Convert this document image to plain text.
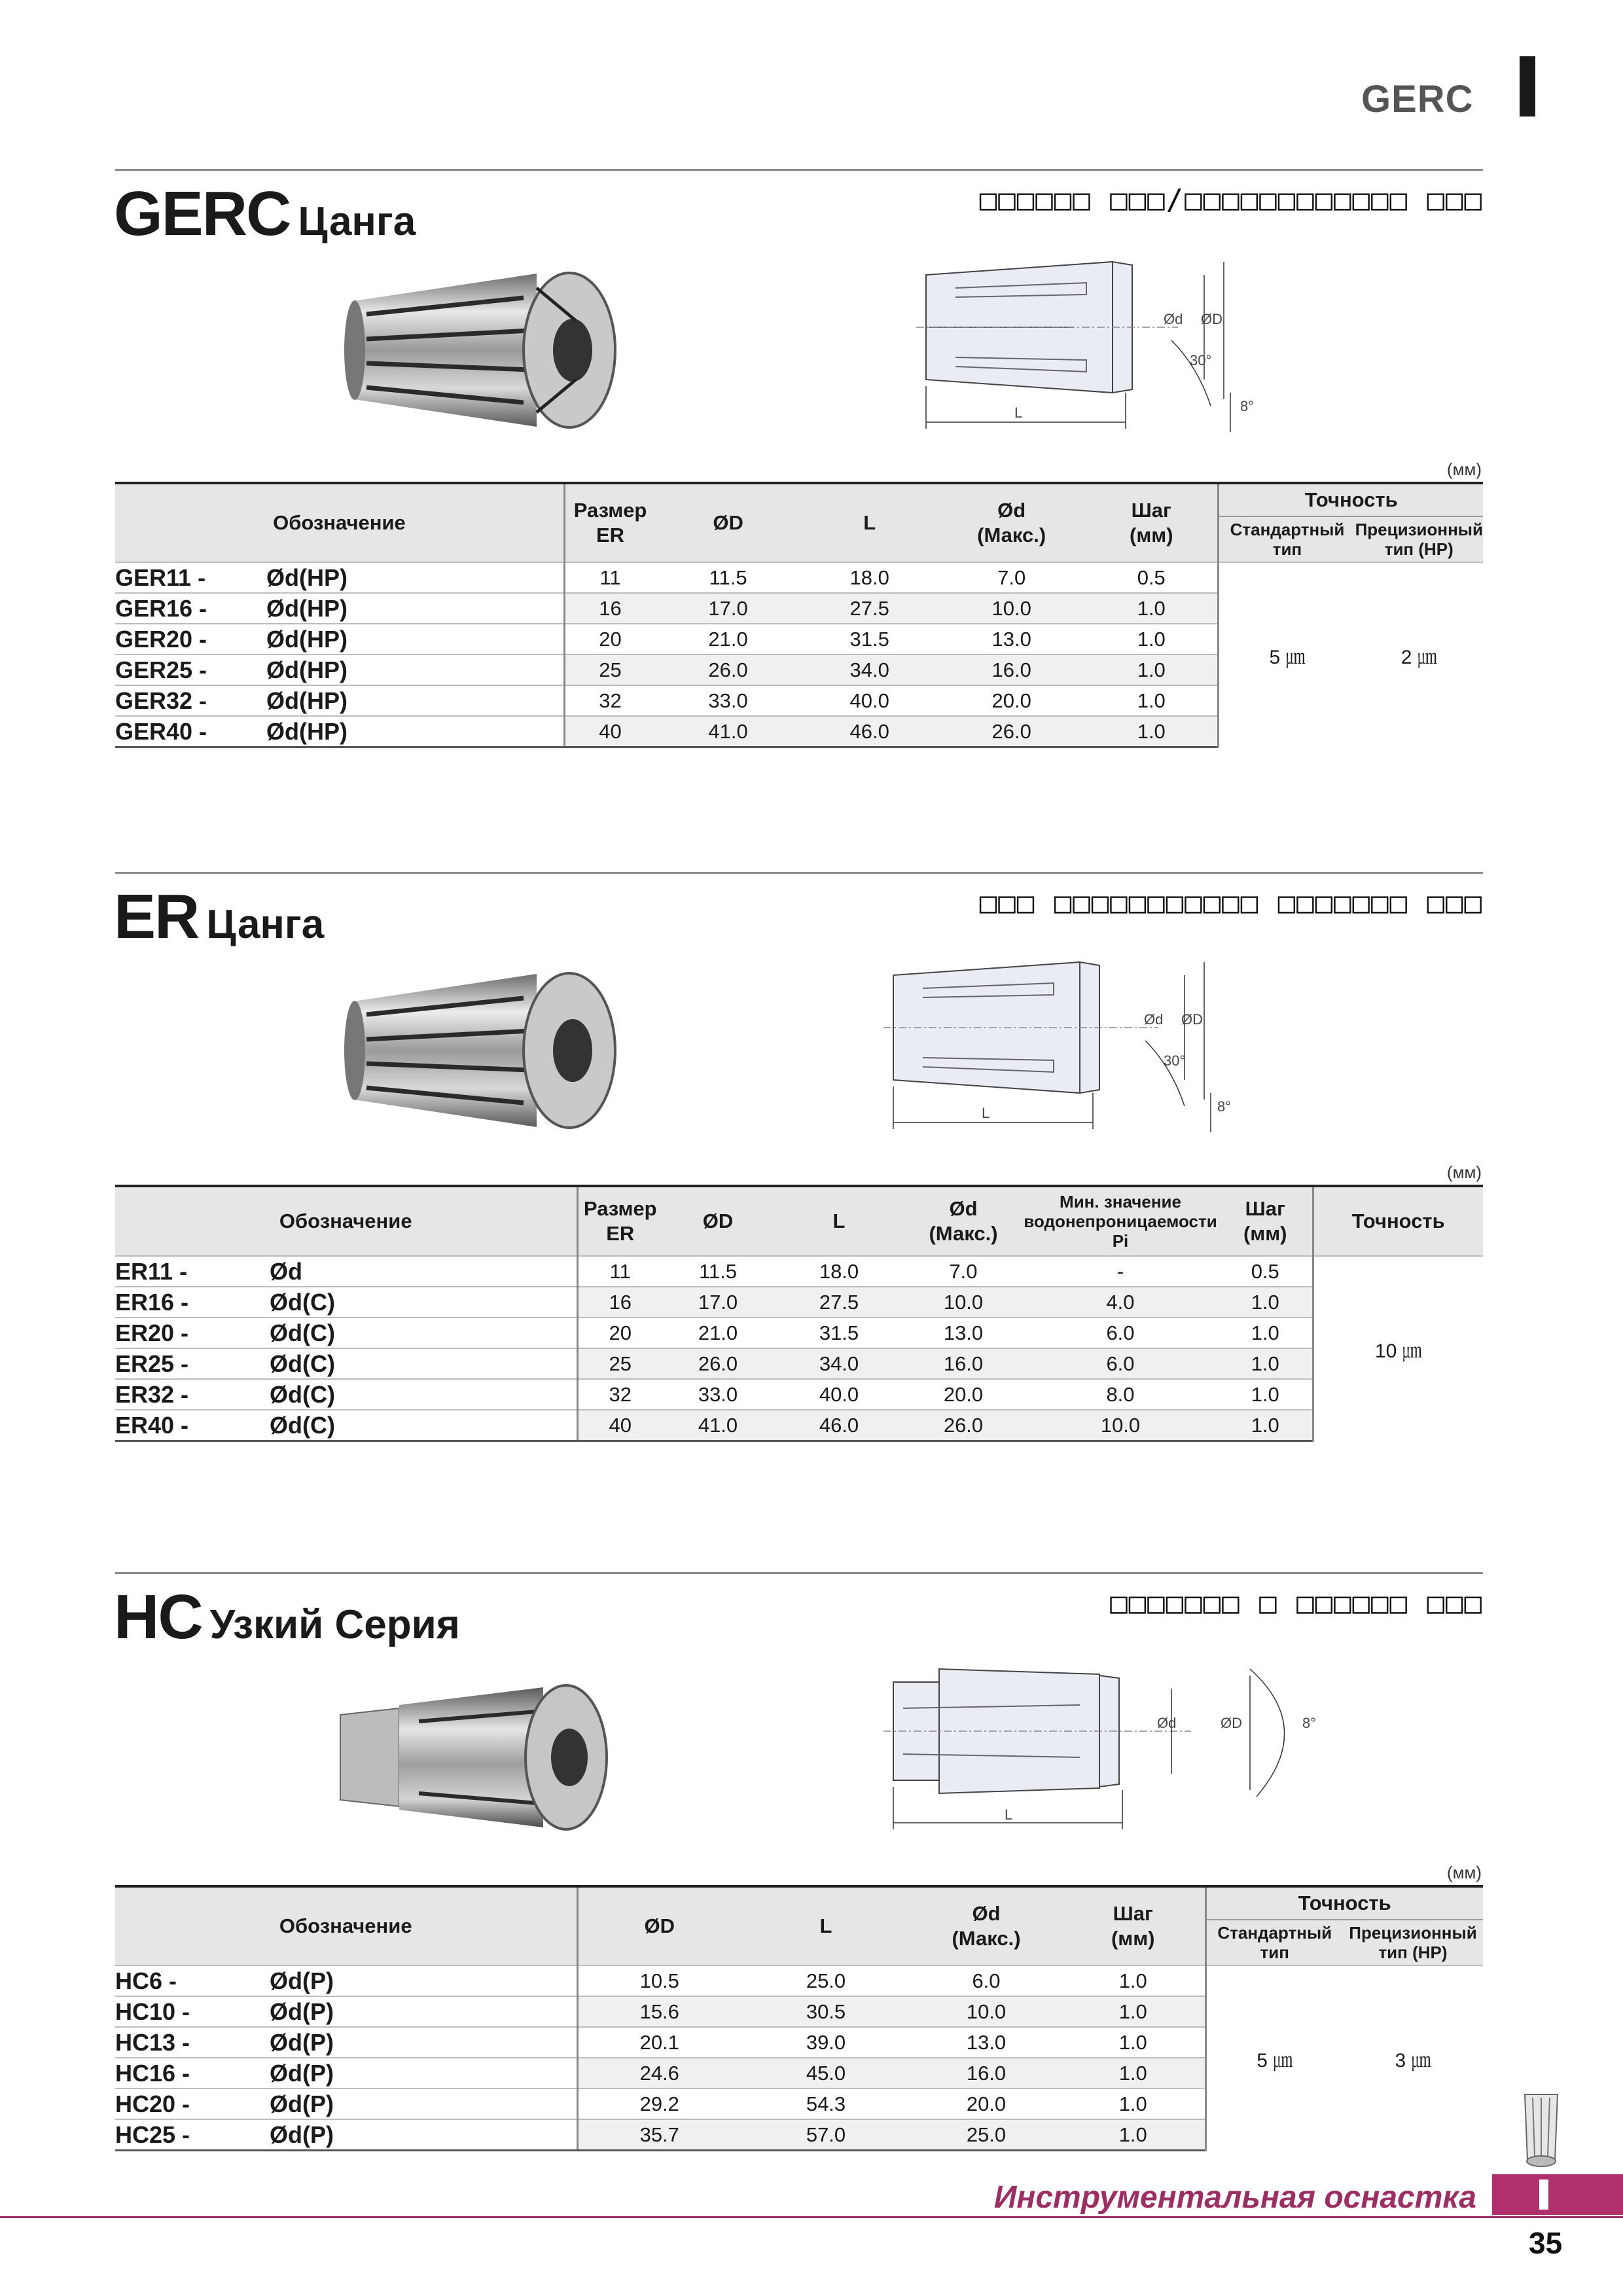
GERC
GERC Цанга	□□□□□□ □□□/□□□□□□□□□□□□ □□□
Ød ØD
30°
8°
L
(мм)
Обозначение		Размер ER	ØD	L	Ød
(Макс.)	Шаг
(мм)	Точность	
							Стандартный тип	Прецизионный тип (HP)
GER11 -	Ød(HP)	11	11.5	18.0	7.0	0.5	5 ㎛	2 ㎛
GER16 -	Ød(HP)	16	17.0	27.5	10.0	1.0		
GER20 -	Ød(HP)	20	21.0	31.5	13.0	1.0		
GER25 -	Ød(HP)	25	26.0	34.0	16.0	1.0		
GER32 -	Ød(HP)	32	33.0	40.0	20.0	1.0		
GER40 -	Ød(HP)	40	41.0	46.0	26.0	1.0		
ER Цанга	□□□ □□□□□□□□□□□ □□□□□□□ □□□
Ød ØD
30°
8°
L
(мм)
Обозначение		Размер ER	ØD	L	Ød
(Макс.)	Мин. значение
водонепроницаемости Pi	Шаг
(мм)	Точность
ER11 -	Ød	11	11.5	18.0	7.0	-	0.5	10 ㎛
ER16 -	Ød(C)	16	17.0	27.5	10.0	4.0	1.0	
ER20 -	Ød(C)	20	21.0	31.5	13.0	6.0	1.0	
ER25 -	Ød(C)	25	26.0	34.0	16.0	6.0	1.0	
ER32 -	Ød(C)	32	33.0	40.0	20.0	8.0	1.0	
ER40 -	Ød(C)	40	41.0	46.0	26.0	10.0	1.0	
HC Узкий Серия	□□□□□□□ □ □□□□□□ □□□
Ød	ØD	8°
L
(мм)
Обозначение		ØD	L	Ød
(Макс.)	Шаг
(мм)	Точность	
						Стандартный тип	Прецизионный тип (HP)
HC6 -	Ød(P)	10.5	25.0	6.0	1.0	5 ㎛	3 ㎛
HC10 -	Ød(P)	15.6	30.5	10.0	1.0		
HC13 -	Ød(P)	20.1	39.0	13.0	1.0		
HC16 -	Ød(P)	24.6	45.0	16.0	1.0		
HC20 -	Ød(P)	29.2	54.3	20.0	1.0		
HC25 -	Ød(P)	35.7	57.0	25.0	1.0		
Инструментальная оснастка
35
